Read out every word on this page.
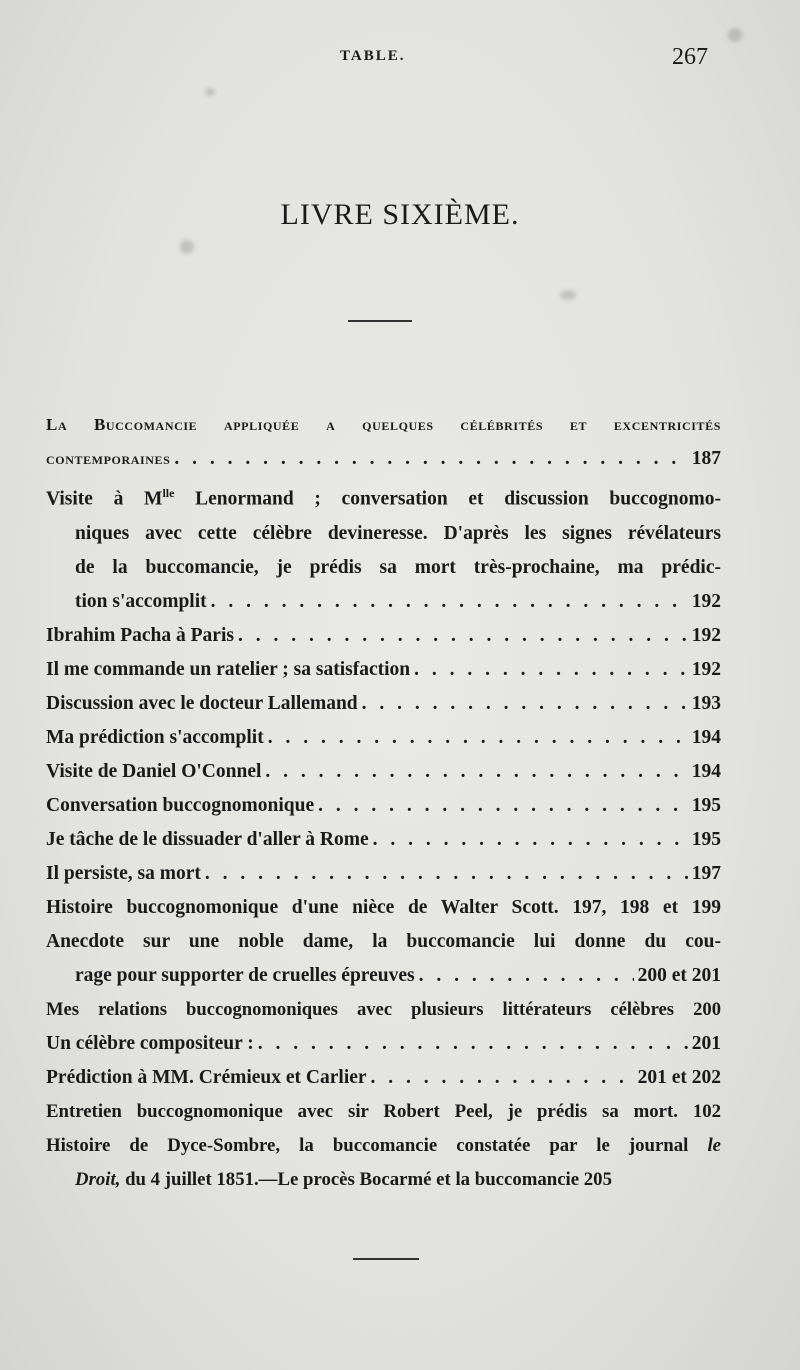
TABLE.	267
LIVRE SIXIÈME.
La Buccomancie appliquée a quelques célébrités et excentricités
contemporaines . . .	187
Visite à $M^{lle}$ Lenormand ; conversation et discussion buccognomo-
niques avec cette célèbre devineresse. D'après les signes révélateurs
de la buccomancie, je prédis sa mort très-prochaine, ma prédic-
tion s'accomplit . . .	192
Ibrahim Pacha à Paris . . .	192
Il me commande un ratelier ; sa satisfaction . . .	192
Discussion avec le docteur Lallemand . . .	193
Ma prédiction s'accomplit . . .	194
Visite de Daniel O'Connel . . .	194
Conversation buccognomonique . . .	195
Je tâche de le dissuader d'aller à Rome . . .	195
Il persiste, sa mort . . .	197
Histoire buccognomonique d'une nièce de Walter Scott. 197, 198 et 199
Anecdote sur une noble dame, la buccomancie lui donne du cou-
rage pour supporter de cruelles épreuves . . .	200 et 201
Mes relations buccognomoniques avec plusieurs littérateurs célèbres 200
Un célèbre compositeur : . . .	201
Prédiction à MM. Crémieux et Carlier . . .	201 et 202
Entretien buccognomonique avec sir Robert Peel, je prédis sa mort. 102
Histoire de Dyce-Sombre, la buccomancie constatée par le journal le
Droit, du 4 juillet 1851.—Le procès Bocarmé et la buccomancie 205
